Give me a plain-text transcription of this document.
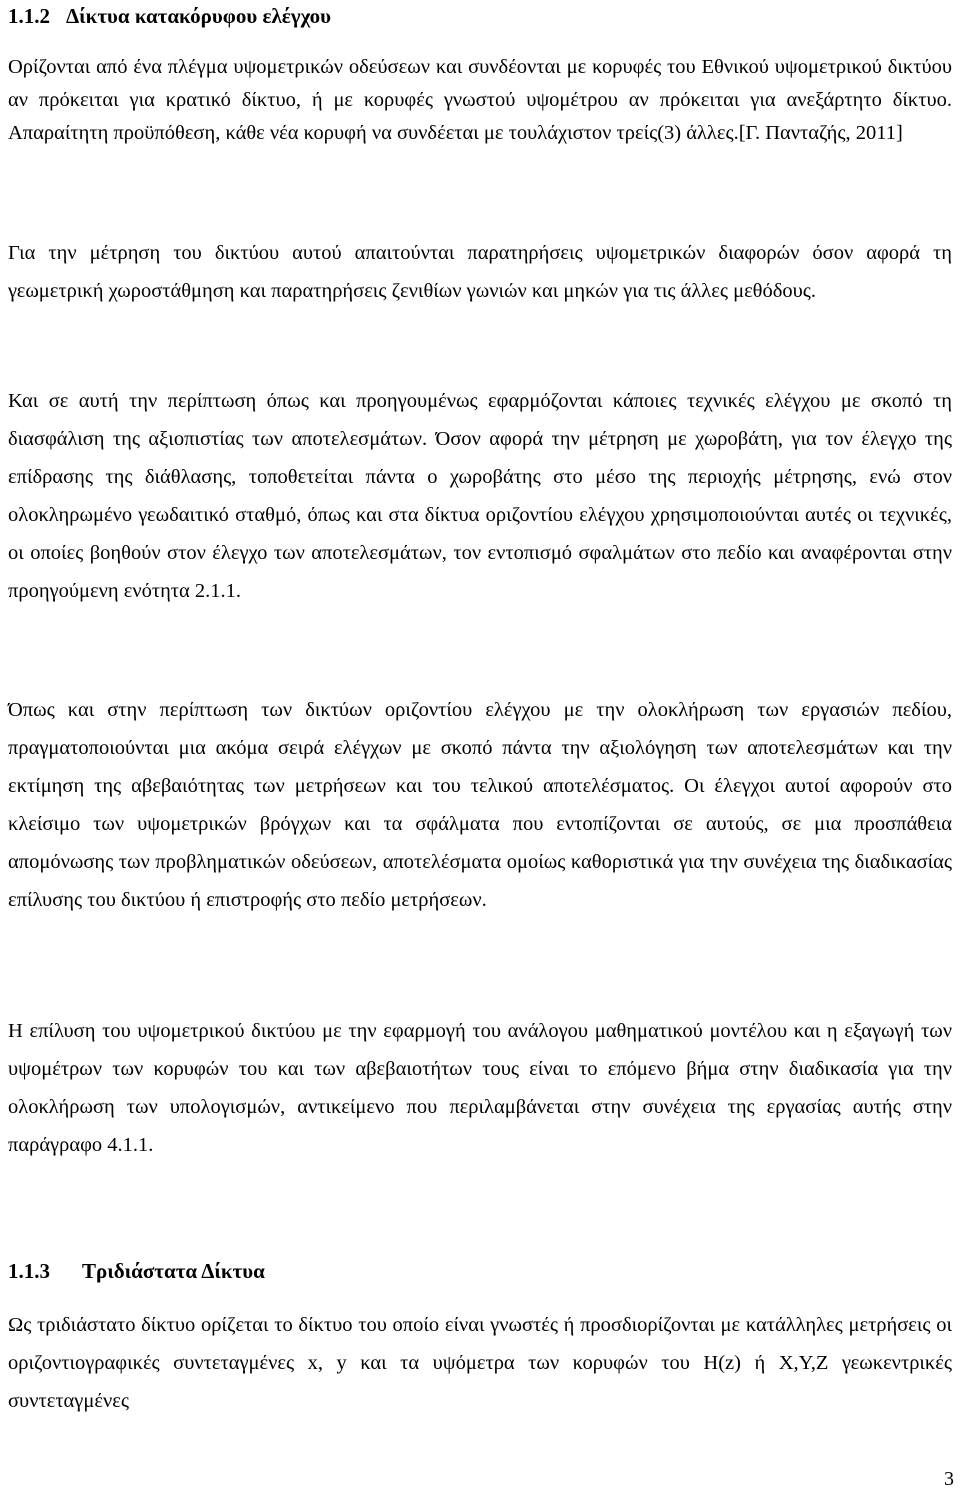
1.1.2 Δίκτυα κατακόρυφου ελέγχου

Ορίζονται από ένα πλέγμα υψομετρικών οδεύσεων και συνδέονται με κορυφές του Εθνικού υψομετρικού δικτύου αν πρόκειται για κρατικό δίκτυο, ή με κορυφές γνωστού υψομέτρου αν πρόκειται για ανεξάρτητο δίκτυο. Απαραίτητη προϋπόθεση, κάθε νέα κορυφή να συνδέεται με τουλάχιστον τρείς(3) άλλες.[Γ. Πανταζής, 2011]

Για την μέτρηση του δικτύου αυτού απαιτούνται παρατηρήσεις υψομετρικών διαφορών όσον αφορά τη γεωμετρική χωροστάθμηση και παρατηρήσεις ζενιθίων γωνιών και μηκών για τις άλλες μεθόδους.

Και σε αυτή την περίπτωση όπως και προηγουμένως εφαρμόζονται κάποιες τεχνικές ελέγχου με σκοπό τη διασφάλιση της αξιοπιστίας των αποτελεσμάτων. Όσον αφορά την μέτρηση με χωροβάτη, για τον έλεγχο της επίδρασης της διάθλασης, τοποθετείται πάντα ο χωροβάτης στο μέσο της περιοχής μέτρησης, ενώ στον ολοκληρωμένο γεωδαιτικό σταθμό, όπως και στα δίκτυα οριζοντίου ελέγχου χρησιμοποιούνται αυτές οι τεχνικές, οι οποίες βοηθούν στον έλεγχο των αποτελεσμάτων, τον εντοπισμό σφαλμάτων στο πεδίο και αναφέρονται στην προηγούμενη ενότητα 2.1.1.

Όπως και στην περίπτωση των δικτύων οριζοντίου ελέγχου με την ολοκλήρωση των εργασιών πεδίου, πραγματοποιούνται μια ακόμα σειρά ελέγχων με σκοπό πάντα την αξιολόγηση των αποτελεσμάτων και την εκτίμηση της αβεβαιότητας των μετρήσεων και του τελικού αποτελέσματος. Οι έλεγχοι αυτοί αφορούν στο κλείσιμο των υψομετρικών βρόγχων και τα σφάλματα που εντοπίζονται σε αυτούς, σε μια προσπάθεια απομόνωσης των προβληματικών οδεύσεων, αποτελέσματα ομοίως καθοριστικά για την συνέχεια της διαδικασίας επίλυσης του δικτύου ή επιστροφής στο πεδίο μετρήσεων.

Η επίλυση του υψομετρικού δικτύου με την εφαρμογή του ανάλογου μαθηματικού μοντέλου και η εξαγωγή των υψομέτρων των κορυφών του και των αβεβαιοτήτων τους είναι το επόμενο βήμα στην διαδικασία για την ολοκλήρωση των υπολογισμών, αντικείμενο που περιλαμβάνεται στην συνέχεια της εργασίας αυτής στην παράγραφο 4.1.1.

1.1.3 Τριδιάστατα Δίκτυα

Ως τριδιάστατο δίκτυο ορίζεται το δίκτυο του οποίο είναι γνωστές ή προσδιορίζονται με κατάλληλες μετρήσεις οι οριζοντιογραφικές συντεταγμένες x, y και τα υψόμετρα των κορυφών του H(z) ή X,Y,Z γεωκεντρικές συντεταγμένες

3
